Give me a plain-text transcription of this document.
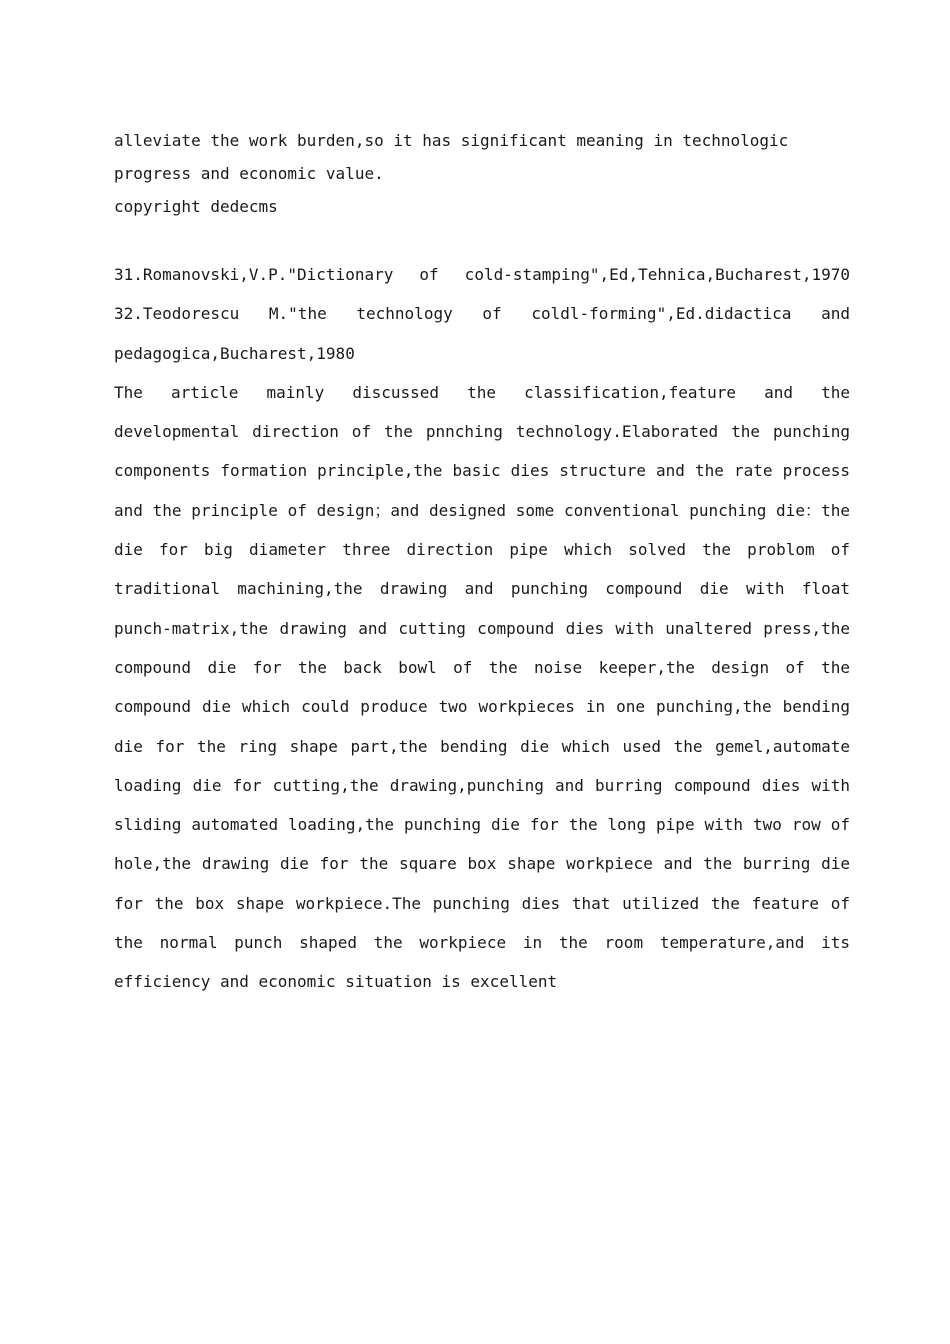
alleviate the work burden,so it has significant meaning in technologic
progress and economic value.
copyright dedecms
31.Romanovski,V.P."Dictionary of cold-stamping",Ed,Tehnica,Bucharest,1970
32.Teodorescu M."the technology of coldl-forming",Ed.didactica and pedagogica,Bucharest,1980
The article mainly discussed the classification,feature and the developmental direction of the pnnching technology.Elaborated the punching components formation principle,the basic dies structure and the rate process and the principle of design；and designed some conventional punching die：the die for big diameter three direction pipe which solved the problom of traditional machining,the drawing and punching compound die with float punch-matrix,the drawing and cutting compound dies with unaltered press,the compound die for the back bowl of the noise keeper,the design of the compound die which could produce two workpieces in one punching,the bending die for the ring shape part,the bending die which used the gemel,automate loading die for cutting,the drawing,punching and burring compound dies with sliding automated loading,the punching die for the long pipe with two row of hole,the drawing die for the square box shape workpiece and the burring die for the box shape workpiece.The punching dies that utilized the feature of the normal punch shaped the workpiece in the room temperature,and its efficiency and economic situation is excellent
